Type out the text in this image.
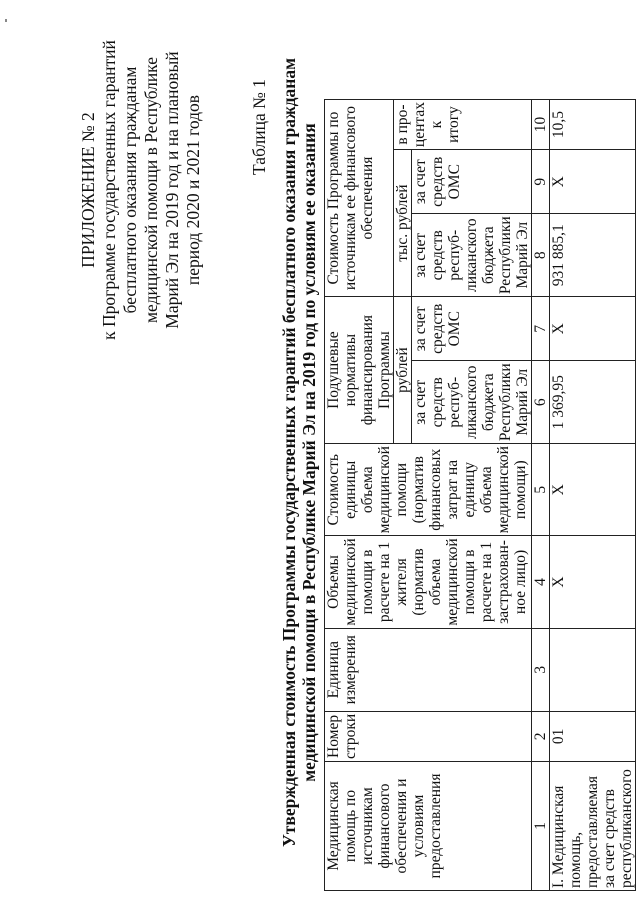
ПРИЛОЖЕНИЕ № 2 к Программе государственных гарантий бесплатного оказания гражданам медицинской помощи в Республике Марий Эл на 2019 год и на плановый период 2020 и 2021 годов	Таблица № 1 Утвержденная стоимость Программы государственных гарантий бесплатного оказания гражданам медицинской помощи в Республике Марий Эл на 2019 год по условиям ее оказания
Медицинская помощь по источникам финансового обеспечения и условиям предоставления	Номер строки	Единица измерения	Объемы медицинской помощи в расчете на 1 жителя (норматив объема медицинской помощи в расчете на 1 застрахован-ное лицо)	Стоимость единицы объема медицинской помощи (норматив финансовых затрат на единицу объема медицинской помощи)	Подушевые нормативы финансирования Программы		Стоимость Программы по источникам ее финансового обеспечения		
					рублей		тыс. рублей		в про-центах к итогу
					за счет средств респуб-ликанского бюджета Республики Марий Эл	за счет средств ОМС	за счет средств респуб-ликанского бюджета Республики Марий Эл	за счет средств ОМС	
1	2	3	4	5	6	7	8	9	10
I. Медицинская помощь, предоставляемая за счет средств республиканского	01		X	X	1 369,95	X	931 885,1	X	10,5
